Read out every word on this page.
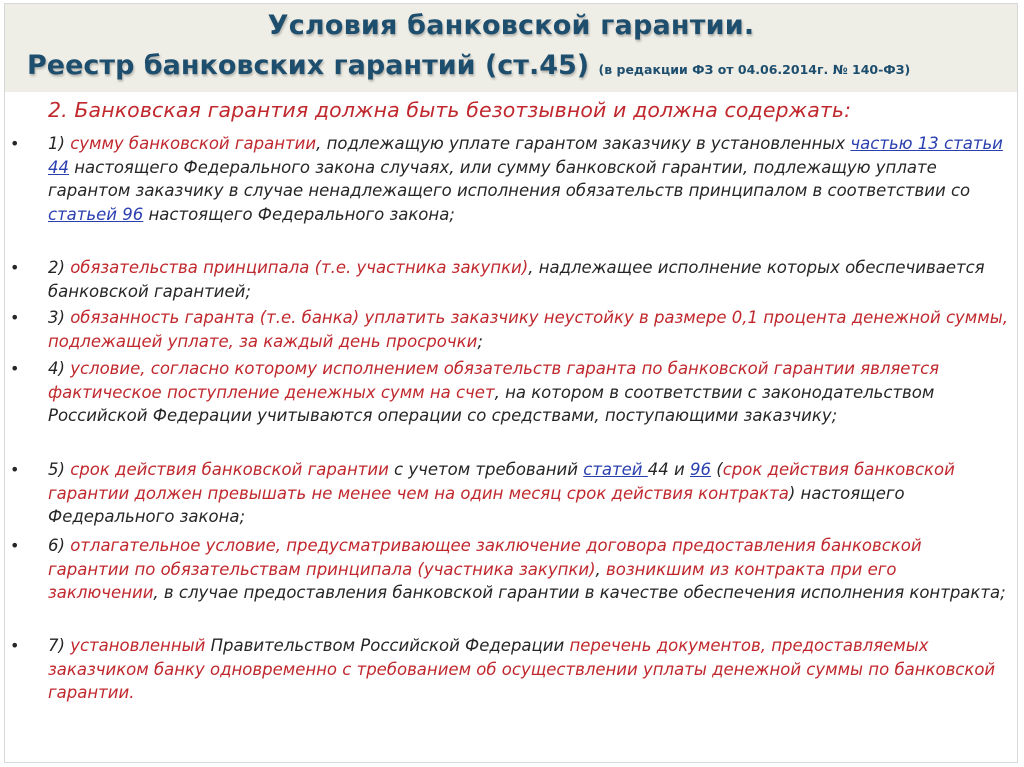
Условия банковской гарантии.
Реестр банковских гарантий (ст.45) (в редакции ФЗ от 04.06.2014г. № 140-ФЗ)
2. Банковская гарантия должна быть безотзывной и должна содержать:
• 1) сумму банковской гарантии, подлежащую уплате гарантом заказчику в установленных частью 13 статьи 44 настоящего Федерального закона случаях, или сумму банковской гарантии, подлежащую уплате гарантом заказчику в случае ненадлежащего исполнения обязательств принципалом в соответствии со статьей 96 настоящего Федерального закона;
• 2) обязательства принципала (т.е. участника закупки), надлежащее исполнение которых обеспечивается банковской гарантией;
• 3) обязанность гаранта (т.е. банка) уплатить заказчику неустойку в размере 0,1 процента денежной суммы, подлежащей уплате, за каждый день просрочки;
• 4) условие, согласно которому исполнением обязательств гаранта по банковской гарантии является фактическое поступление денежных сумм на счет, на котором в соответствии с законодательством Российской Федерации учитываются операции со средствами, поступающими заказчику;
• 5) срок действия банковской гарантии с учетом требований статей 44 и 96 (срок действия банковской гарантии должен превышать не менее чем на один месяц срок действия контракта) настоящего Федерального закона;
• 6) отлагательное условие, предусматривающее заключение договора предоставления банковской гарантии по обязательствам принципала (участника закупки), возникшим из контракта при его заключении, в случае предоставления банковской гарантии в качестве обеспечения исполнения контракта;
• 7) установленный Правительством Российской Федерации перечень документов, предоставляемых заказчиком банку одновременно с требованием об осуществлении уплаты денежной суммы по банковской гарантии.
